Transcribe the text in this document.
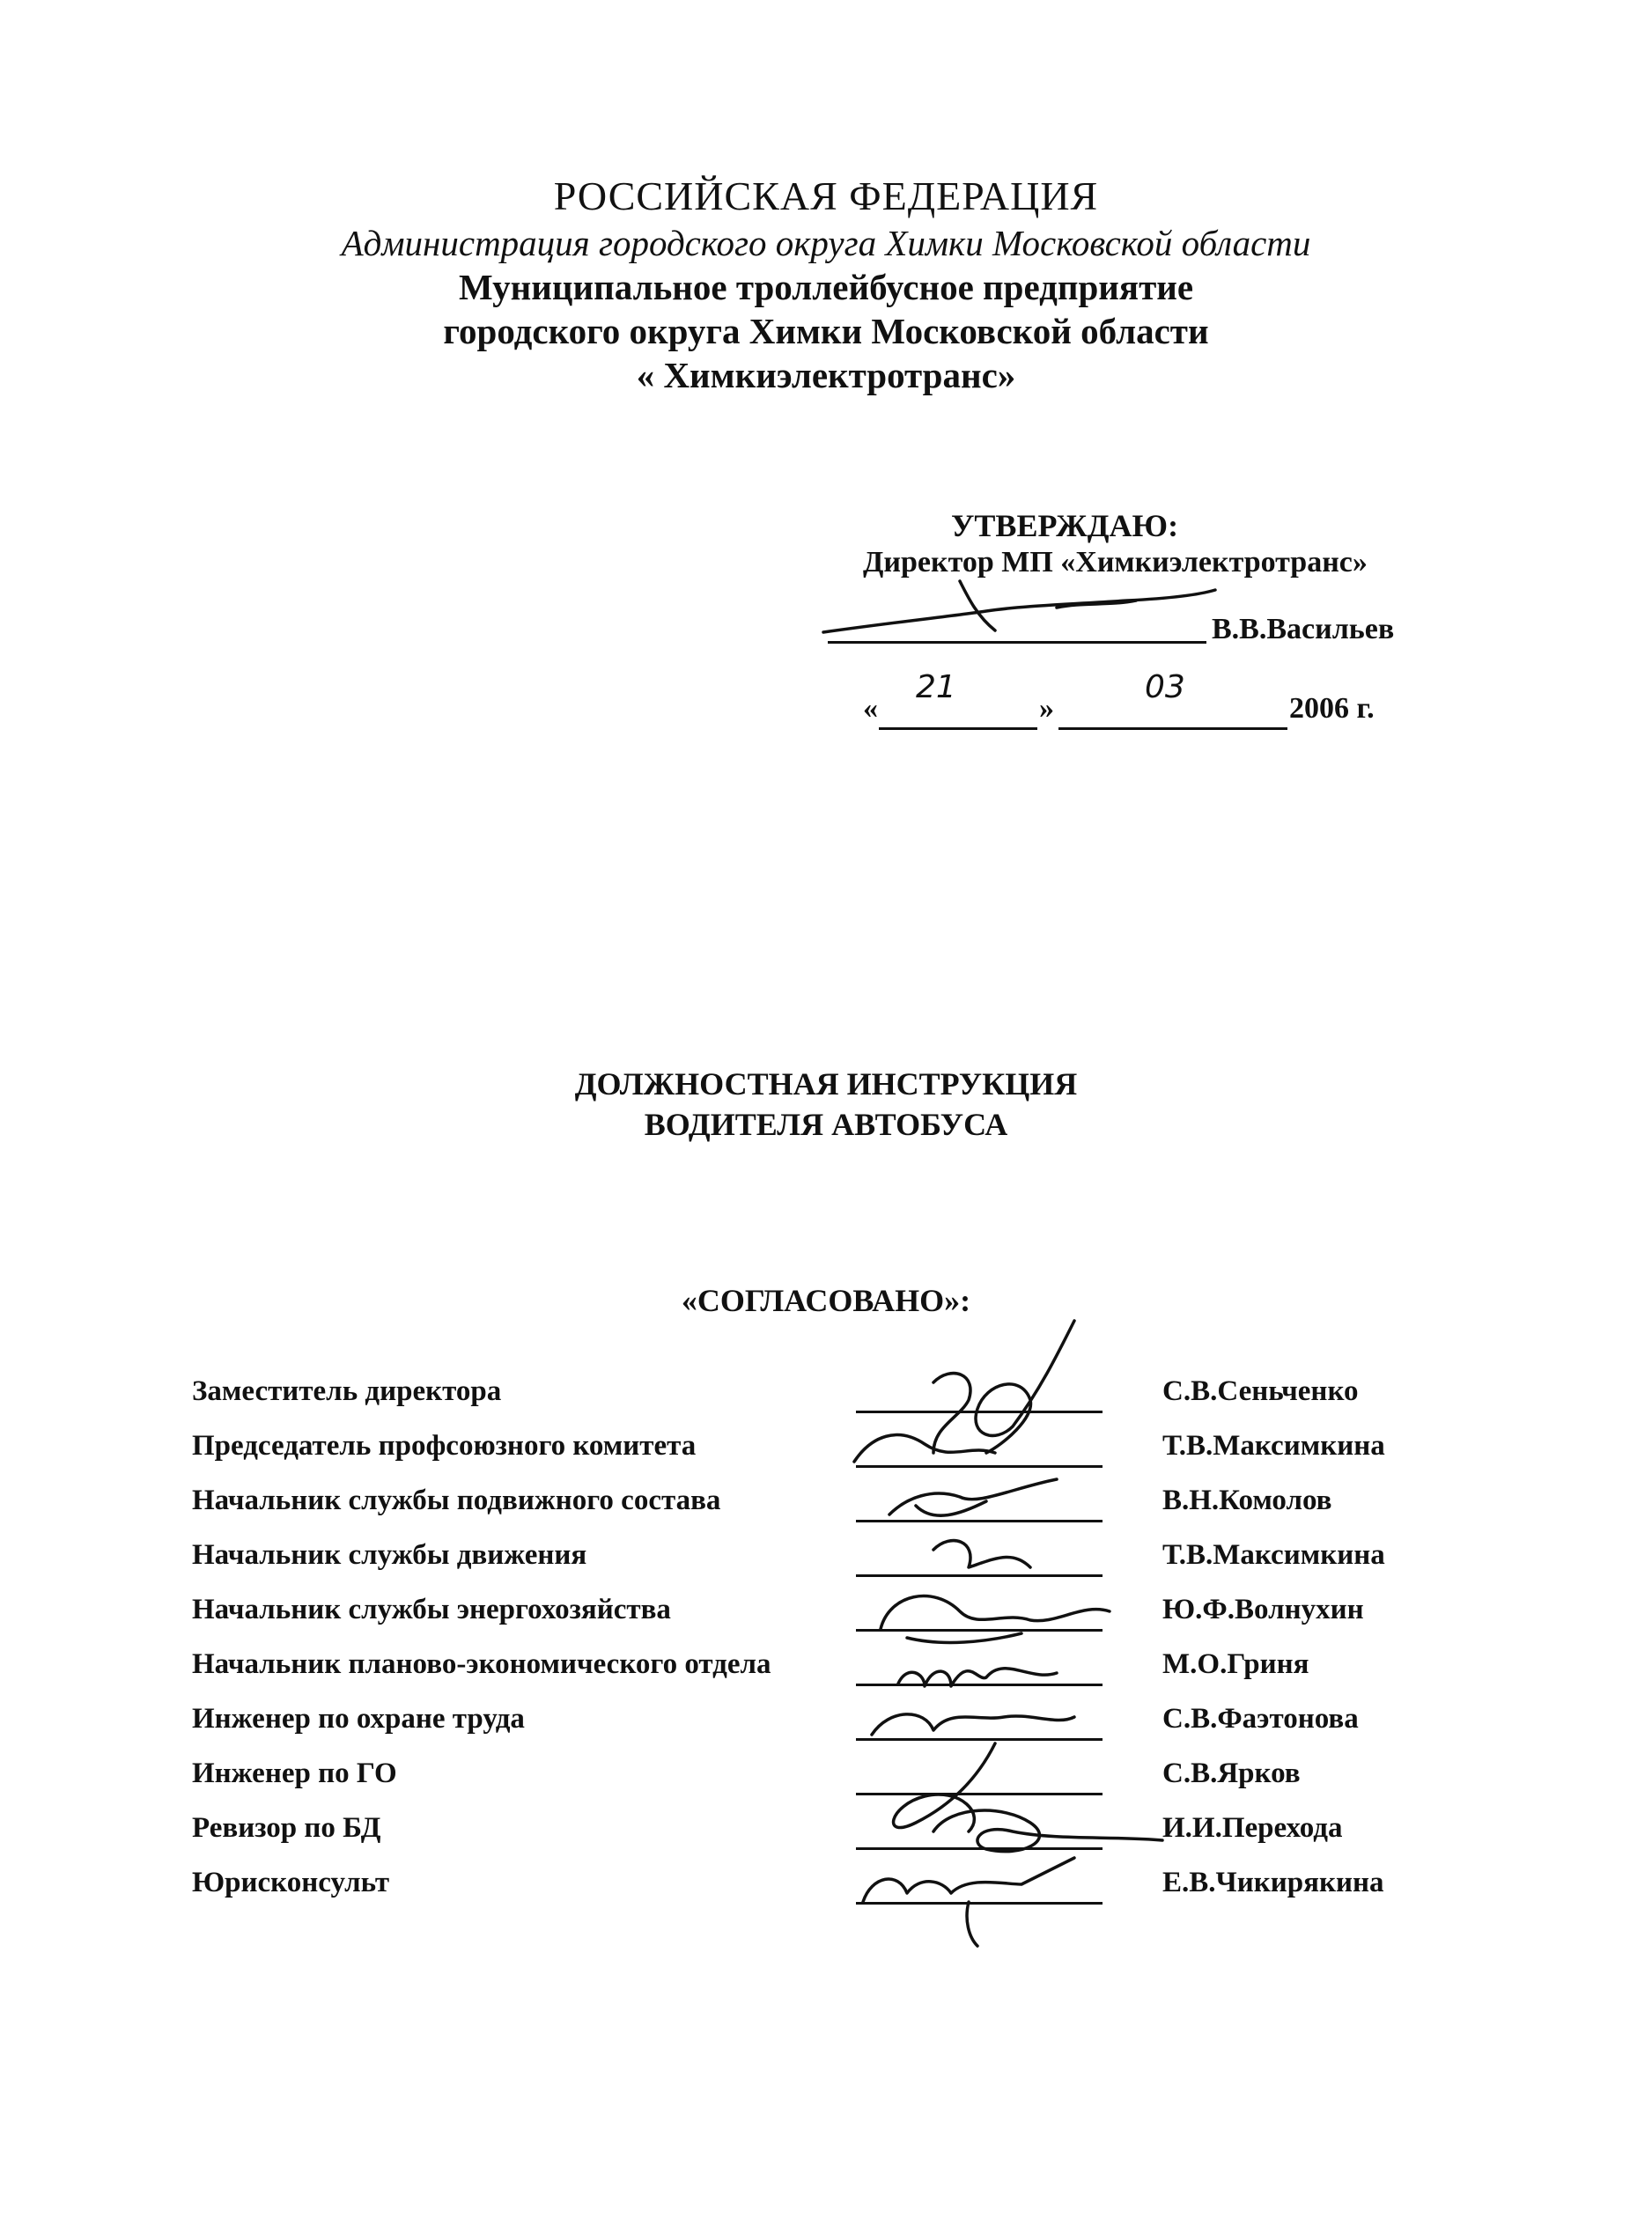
РОССИЙСКАЯ ФЕДЕРАЦИЯ
Администрация городского округа Химки Московской области
Муниципальное троллейбусное предприятие
городского округа Химки Московской области
« Химкиэлектротранс»
УТВЕРЖДАЮ:
Директор МП «Химкиэлектротранс»
В.В.Васильев
«
21
»
03
2006 г.
ДОЛЖНОСТНАЯ ИНСТРУКЦИЯ
ВОДИТЕЛЯ АВТОБУСА
«СОГЛАСОВАНО»:
Заместитель директора	С.В.Сеньченко
Председатель профсоюзного комитета	Т.В.Максимкина
Начальник службы подвижного состава	В.Н.Комолов
Начальник службы движения	Т.В.Максимкина
Начальник службы энергохозяйства	Ю.Ф.Волнухин
Начальник планово-экономического отдела	М.О.Гриня
Инженер по охране труда	С.В.Фаэтонова
Инженер по ГО	С.В.Ярков
Ревизор по БД	И.И.Перехода
Юрисконсульт	Е.В.Чикирякина
